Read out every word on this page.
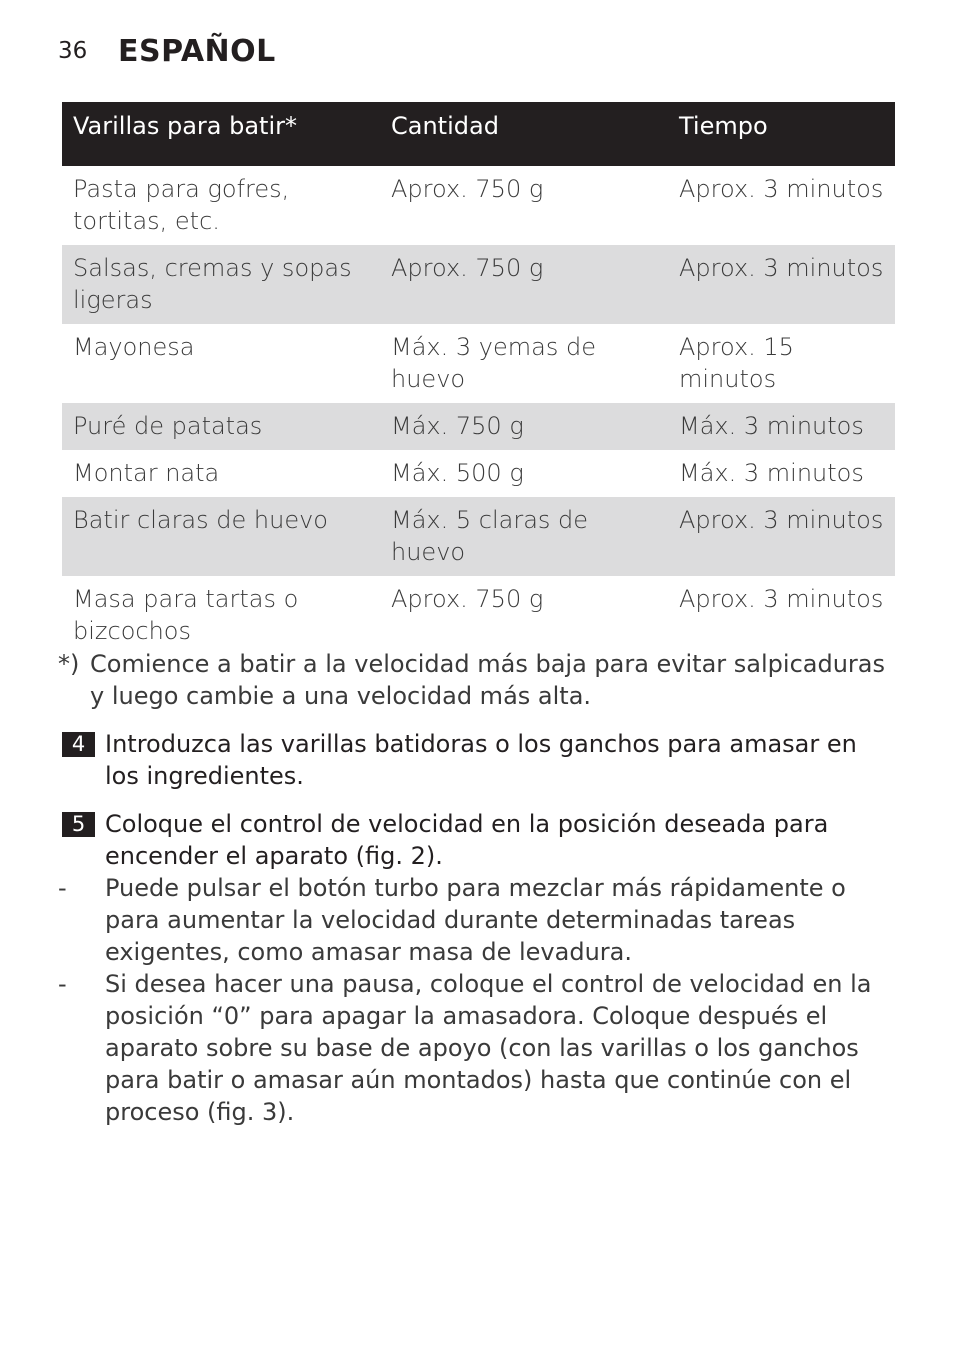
36 ESPAÑOL
Varillas para batir*	Cantidad	Tiempo
Pasta para gofres, tortitas, etc.	Aprox. 750 g	Aprox. 3 minutos
Salsas, cremas y sopas ligeras	Aprox. 750 g	Aprox. 3 minutos
Mayonesa	Máx. 3 yemas de huevo	Aprox. 15 minutos
Puré de patatas	Máx. 750 g	Máx. 3 minutos
Montar nata	Máx. 500 g	Máx. 3 minutos
Batir claras de huevo	Máx. 5 claras de huevo	Aprox. 3 minutos
Masa para tartas o bizcochos	Aprox. 750 g	Aprox. 3 minutos
*) Comience a batir a la velocidad más baja para evitar salpicaduras y luego cambie a una velocidad más alta.
4 Introduzca las varillas batidoras o los ganchos para amasar en los ingredientes.
5 Coloque el control de velocidad en la posición deseada para encender el aparato (fig. 2).
- Puede pulsar el botón turbo para mezclar más rápidamente o para aumentar la velocidad durante determinadas tareas exigentes, como amasar masa de levadura.
- Si desea hacer una pausa, coloque el control de velocidad en la posición “0” para apagar la amasadora. Coloque después el aparato sobre su base de apoyo (con las varillas o los ganchos para batir o amasar aún montados) hasta que continúe con el proceso (fig. 3).
